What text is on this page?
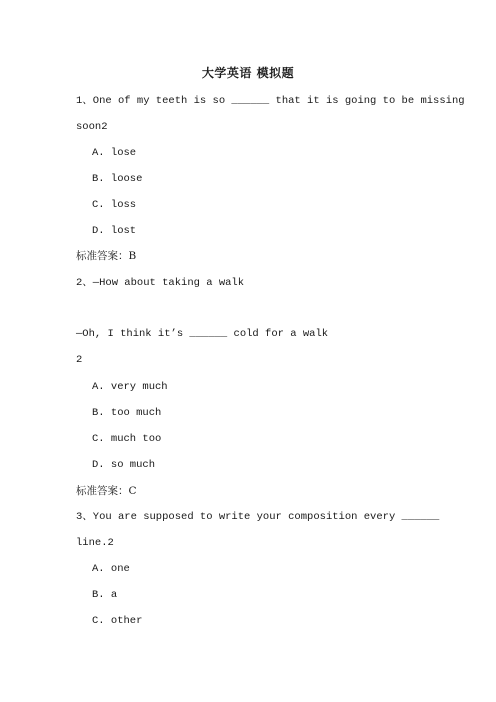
大学英语 模拟题
1、One of my teeth is so ______ that it is going to be missing
soon2
A. lose
B. loose
C. loss
D. lost
标准答案：B
2、—How about taking a walk
—Oh, I think it’s ______ cold for a walk
2
A. very much
B. too much
C. much too
D. so much
标准答案：C
3、You are supposed to write your composition every ______
line.2
A. one
B. a
C. other
